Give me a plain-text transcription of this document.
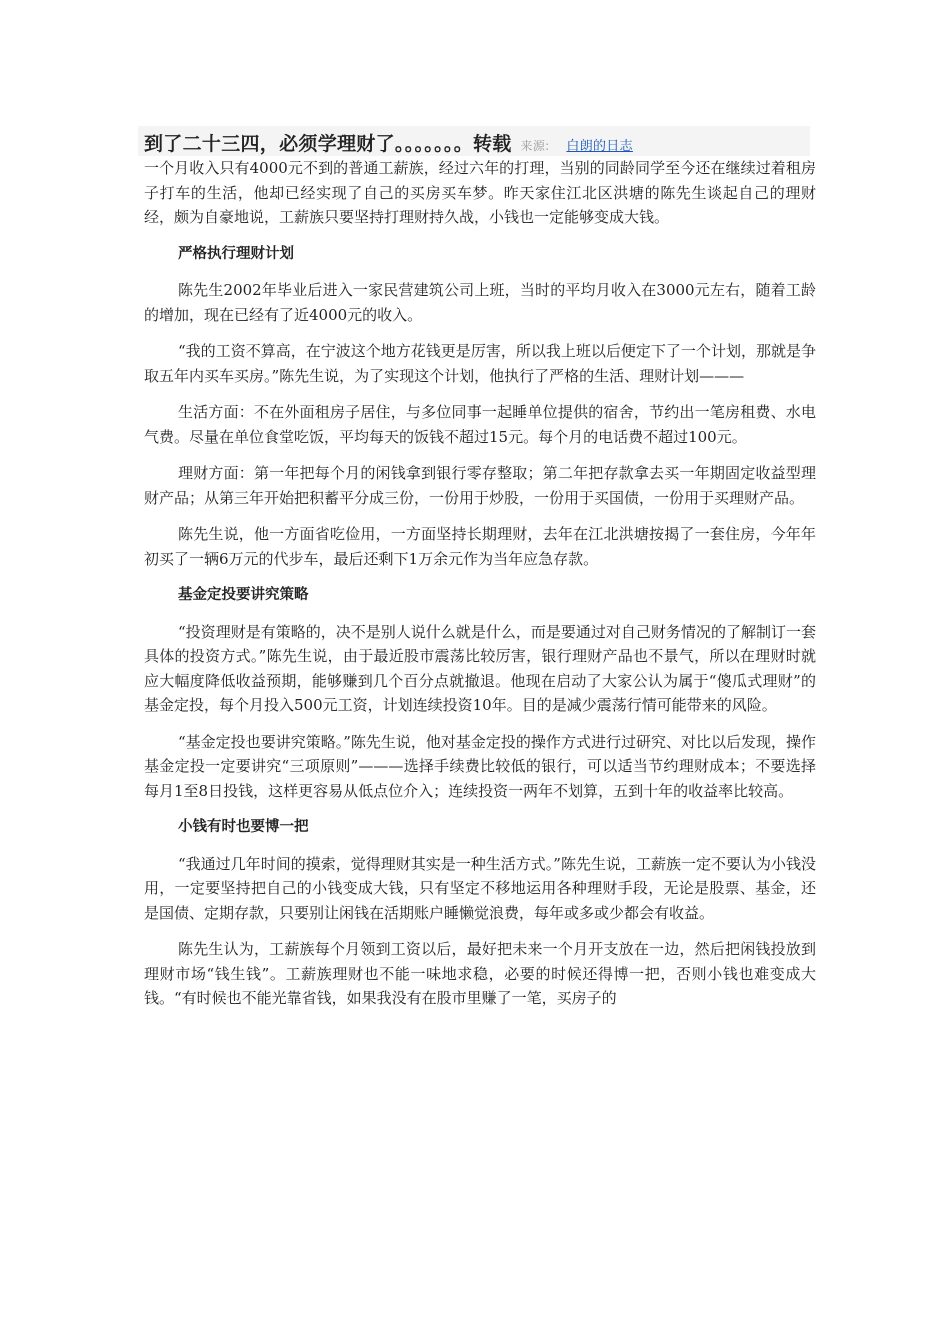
到了二十三四，必须学理财了。。。。。。。转载 来源: 白朗的日志

一个月收入只有4000元不到的普通工薪族，经过六年的打理，当别的同龄同学至今还在继续过着租房子打车的生活，他却已经实现了自己的买房买车梦。昨天家住江北区洪塘的陈先生谈起自己的理财经，颇为自豪地说，工薪族只要坚持打理财持久战，小钱也一定能够变成大钱。

严格执行理财计划

陈先生2002年毕业后进入一家民营建筑公司上班，当时的平均月收入在3000元左右，随着工龄的增加，现在已经有了近4000元的收入。

“我的工资不算高，在宁波这个地方花钱更是厉害，所以我上班以后便定下了一个计划，那就是争取五年内买车买房。”陈先生说，为了实现这个计划，他执行了严格的生活、理财计划———

生活方面：不在外面租房子居住，与多位同事一起睡单位提供的宿舍，节约出一笔房租费、水电气费。尽量在单位食堂吃饭，平均每天的饭钱不超过15元。每个月的电话费不超过100元。

理财方面：第一年把每个月的闲钱拿到银行零存整取；第二年把存款拿去买一年期固定收益型理财产品；从第三年开始把积蓄平分成三份，一份用于炒股，一份用于买国债，一份用于买理财产品。

陈先生说，他一方面省吃俭用，一方面坚持长期理财，去年在江北洪塘按揭了一套住房，今年年初买了一辆6万元的代步车，最后还剩下1万余元作为当年应急存款。

基金定投要讲究策略

“投资理财是有策略的，决不是别人说什么就是什么，而是要通过对自己财务情况的了解制订一套具体的投资方式。”陈先生说，由于最近股市震荡比较厉害，银行理财产品也不景气，所以在理财时就应大幅度降低收益预期，能够赚到几个百分点就撤退。他现在启动了大家公认为属于“傻瓜式理财”的基金定投，每个月投入500元工资，计划连续投资10年。目的是减少震荡行情可能带来的风险。

“基金定投也要讲究策略。”陈先生说，他对基金定投的操作方式进行过研究、对比以后发现，操作基金定投一定要讲究“三项原则”———选择手续费比较低的银行，可以适当节约理财成本；不要选择每月1至8日投钱，这样更容易从低点位介入；连续投资一两年不划算，五到十年的收益率比较高。

小钱有时也要博一把

“我通过几年时间的摸索，觉得理财其实是一种生活方式。”陈先生说，工薪族一定不要认为小钱没用，一定要坚持把自己的小钱变成大钱，只有坚定不移地运用各种理财手段，无论是股票、基金，还是国债、定期存款，只要别让闲钱在活期账户睡懒觉浪费，每年或多或少都会有收益。

陈先生认为，工薪族每个月领到工资以后，最好把未来一个月开支放在一边，然后把闲钱投放到理财市场“钱生钱”。工薪族理财也不能一味地求稳，必要的时候还得博一把，否则小钱也难变成大钱。“有时候也不能光靠省钱，如果我没有在股市里赚了一笔，买房子的
